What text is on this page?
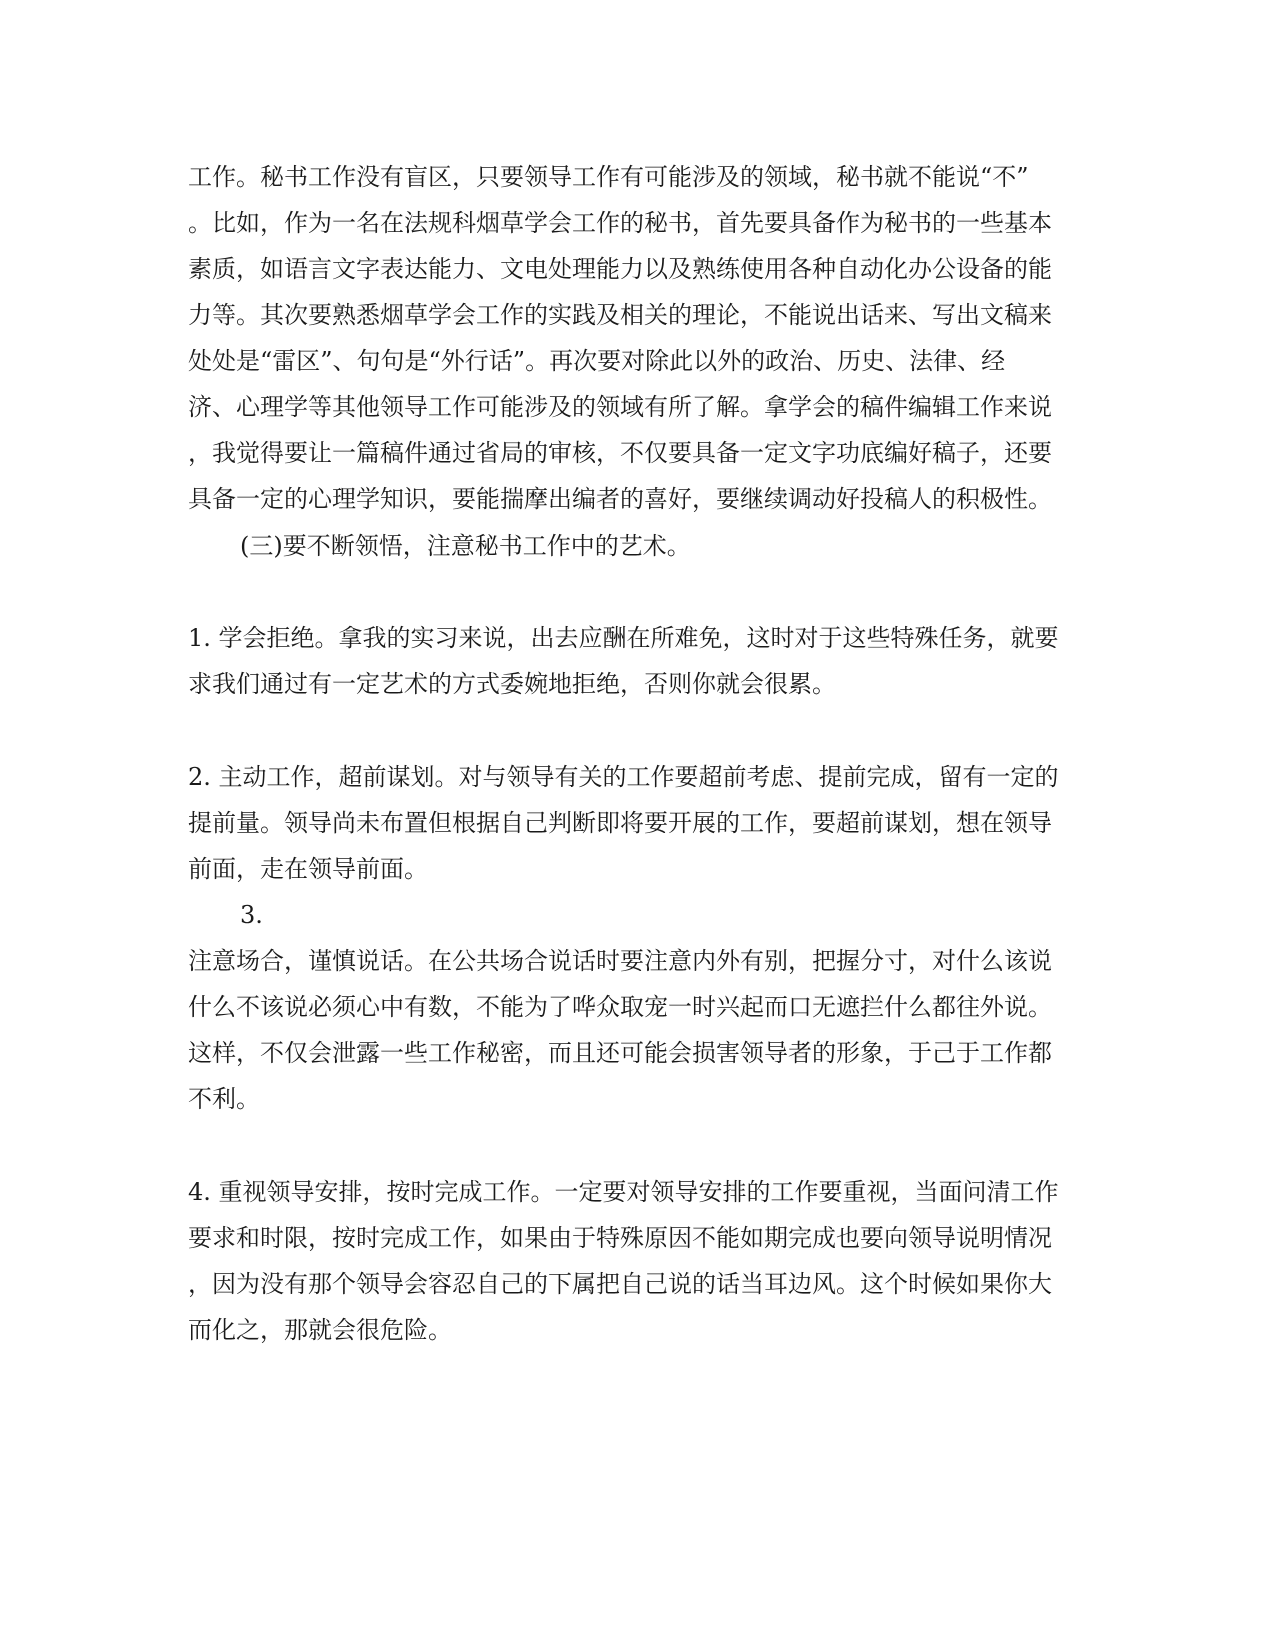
工作。秘书工作没有盲区，只要领导工作有可能涉及的领域，秘书就不能说“不”
。比如，作为一名在法规科烟草学会工作的秘书，首先要具备作为秘书的一些基本
素质，如语言文字表达能力、文电处理能力以及熟练使用各种自动化办公设备的能
力等。其次要熟悉烟草学会工作的实践及相关的理论，不能说出话来、写出文稿来
处处是“雷区”、句句是“外行话”。再次要对除此以外的政治、历史、法律、经
济、心理学等其他领导工作可能涉及的领域有所了解。拿学会的稿件编辑工作来说
，我觉得要让一篇稿件通过省局的审核，不仅要具备一定文字功底编好稿子，还要
具备一定的心理学知识，要能揣摩出编者的喜好，要继续调动好投稿人的积极性。
(三)要不断领悟，注意秘书工作中的艺术。
1. 学会拒绝。拿我的实习来说，出去应酬在所难免，这时对于这些特殊任务，就要
求我们通过有一定艺术的方式委婉地拒绝，否则你就会很累。
2. 主动工作，超前谋划。对与领导有关的工作要超前考虑、提前完成，留有一定的
提前量。领导尚未布置但根据自己判断即将要开展的工作，要超前谋划，想在领导
前面，走在领导前面。
3.
注意场合，谨慎说话。在公共场合说话时要注意内外有别，把握分寸，对什么该说
什么不该说必须心中有数，不能为了哗众取宠一时兴起而口无遮拦什么都往外说。
这样，不仅会泄露一些工作秘密，而且还可能会损害领导者的形象，于己于工作都
不利。
4. 重视领导安排，按时完成工作。一定要对领导安排的工作要重视，当面问清工作
要求和时限，按时完成工作，如果由于特殊原因不能如期完成也要向领导说明情况
，因为没有那个领导会容忍自己的下属把自己说的话当耳边风。这个时候如果你大
而化之，那就会很危险。
